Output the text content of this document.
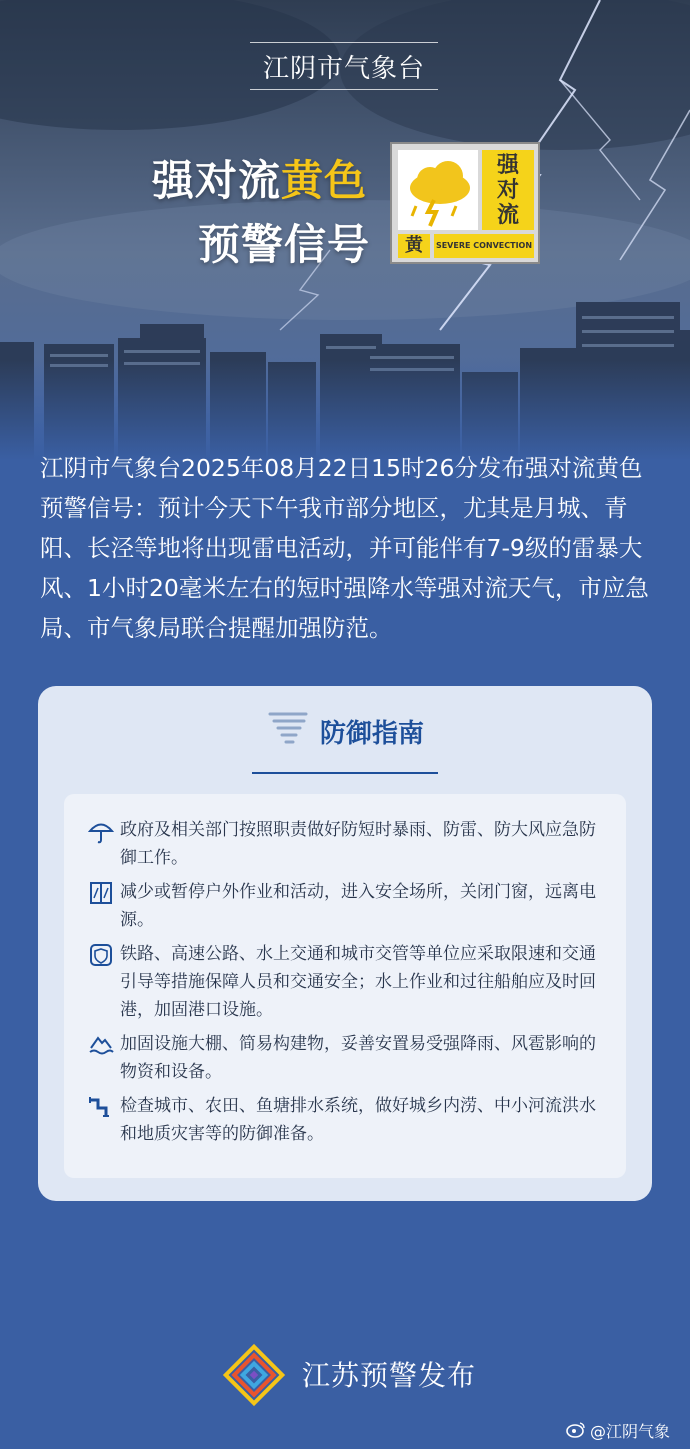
江阴市气象台
强对流黄色
预警信号
强
对
流
黄	SEVERE CONVECTION
江阴市气象台2025年08月22日15时26分发布强对流黄色预警信号：预计今天下午我市部分地区，尤其是月城、青阳、长泾等地将出现雷电活动，并可能伴有7-9级的雷暴大风、1小时20毫米左右的短时强降水等强对流天气，市应急局、市气象局联合提醒加强防范。
防御指南
政府及相关部门按照职责做好防短时暴雨、防雷、防大风应急防御工作。
减少或暂停户外作业和活动，进入安全场所，关闭门窗，远离电源。
铁路、高速公路、水上交通和城市交管等单位应采取限速和交通引导等措施保障人员和交通安全；水上作业和过往船舶应及时回港，加固港口设施。
加固设施大棚、简易构建物，妥善安置易受强降雨、风雹影响的物资和设备。
检查城市、农田、鱼塘排水系统，做好城乡内涝、中小河流洪水和地质灾害等的防御准备。
江苏预警发布
@江阴气象
